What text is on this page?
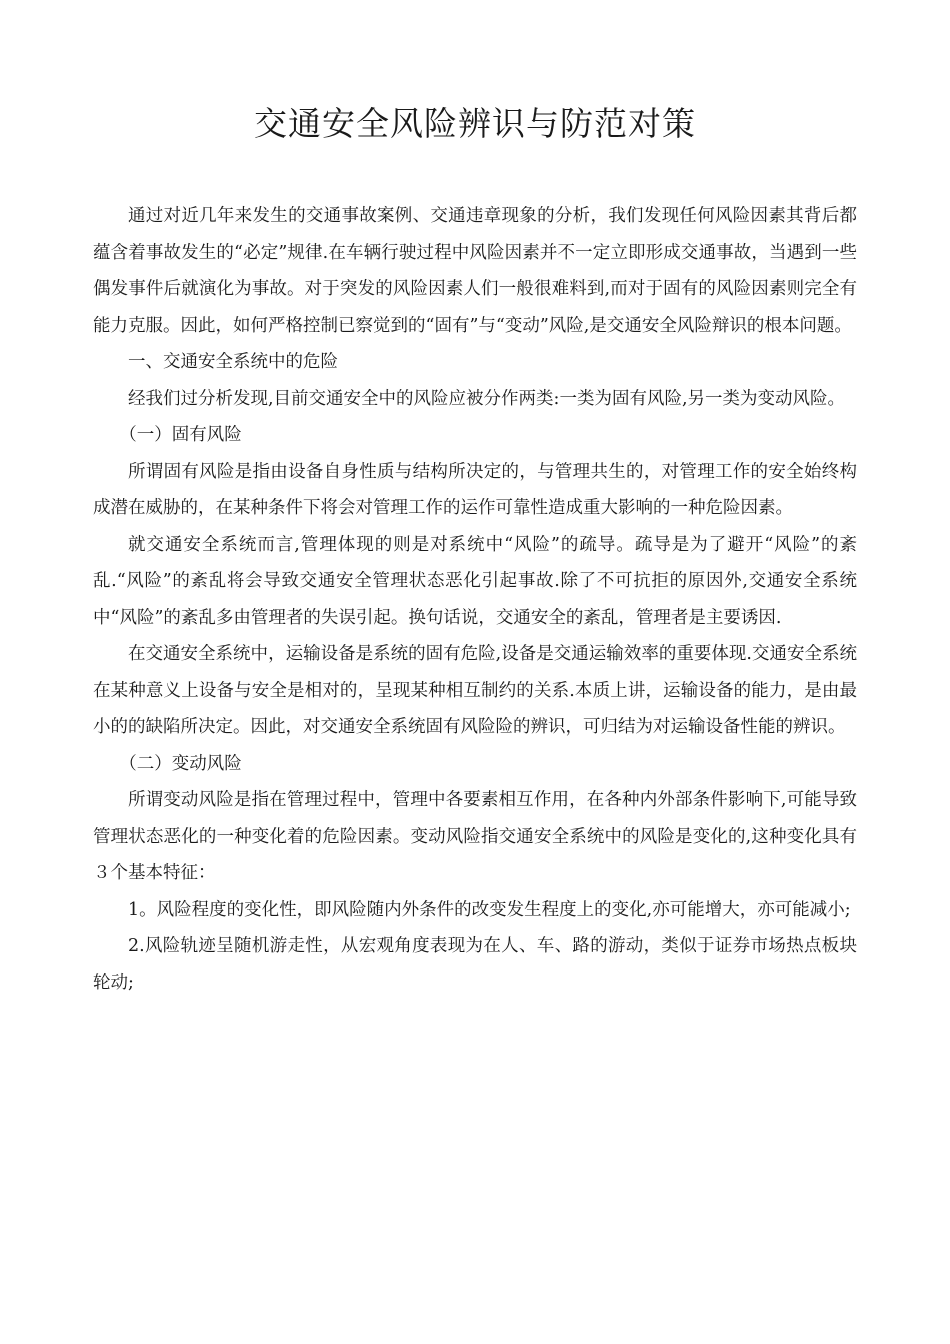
交通安全风险辨识与防范对策

通过对近几年来发生的交通事故案例、交通违章现象的分析，我们发现任何风险因素其背后都蕴含着事故发生的“必定”规律.在车辆行驶过程中风险因素并不一定立即形成交通事故，当遇到一些偶发事件后就演化为事故。对于突发的风险因素人们一般很难料到,而对于固有的风险因素则完全有能力克服。因此，如何严格控制已察觉到的“固有”与“变动”风险,是交通安全风险辩识的根本问题。

一、交通安全系统中的危险

经我们过分析发现,目前交通安全中的风险应被分作两类:一类为固有风险,另一类为变动风险。

（一）固有风险

所谓固有风险是指由设备自身性质与结构所决定的，与管理共生的，对管理工作的安全始终构成潜在威胁的，在某种条件下将会对管理工作的运作可靠性造成重大影响的一种危险因素。

就交通安全系统而言,管理体现的则是对系统中“风险”的疏导。疏导是为了避开“风险”的紊乱.“风险”的紊乱将会导致交通安全管理状态恶化引起事故.除了不可抗拒的原因外,交通安全系统中“风险”的紊乱多由管理者的失误引起。换句话说，交通安全的紊乱，管理者是主要诱因.

在交通安全系统中，运输设备是系统的固有危险,设备是交通运输效率的重要体现.交通安全系统在某种意义上设备与安全是相对的，呈现某种相互制约的关系.本质上讲，运输设备的能力，是由最小的的缺陷所决定。因此，对交通安全系统固有风险险的辨识，可归结为对运输设备性能的辨识。

（二）变动风险

所谓变动风险是指在管理过程中，管理中各要素相互作用，在各种内外部条件影响下,可能导致管理状态恶化的一种变化着的危险因素。变动风险指交通安全系统中的风险是变化的,这种变化具有３个基本特征：

1。风险程度的变化性，即风险随内外条件的改变发生程度上的变化,亦可能增大，亦可能减小;

2.风险轨迹呈随机游走性，从宏观角度表现为在人、车、路的游动，类似于证券市场热点板块轮动;
